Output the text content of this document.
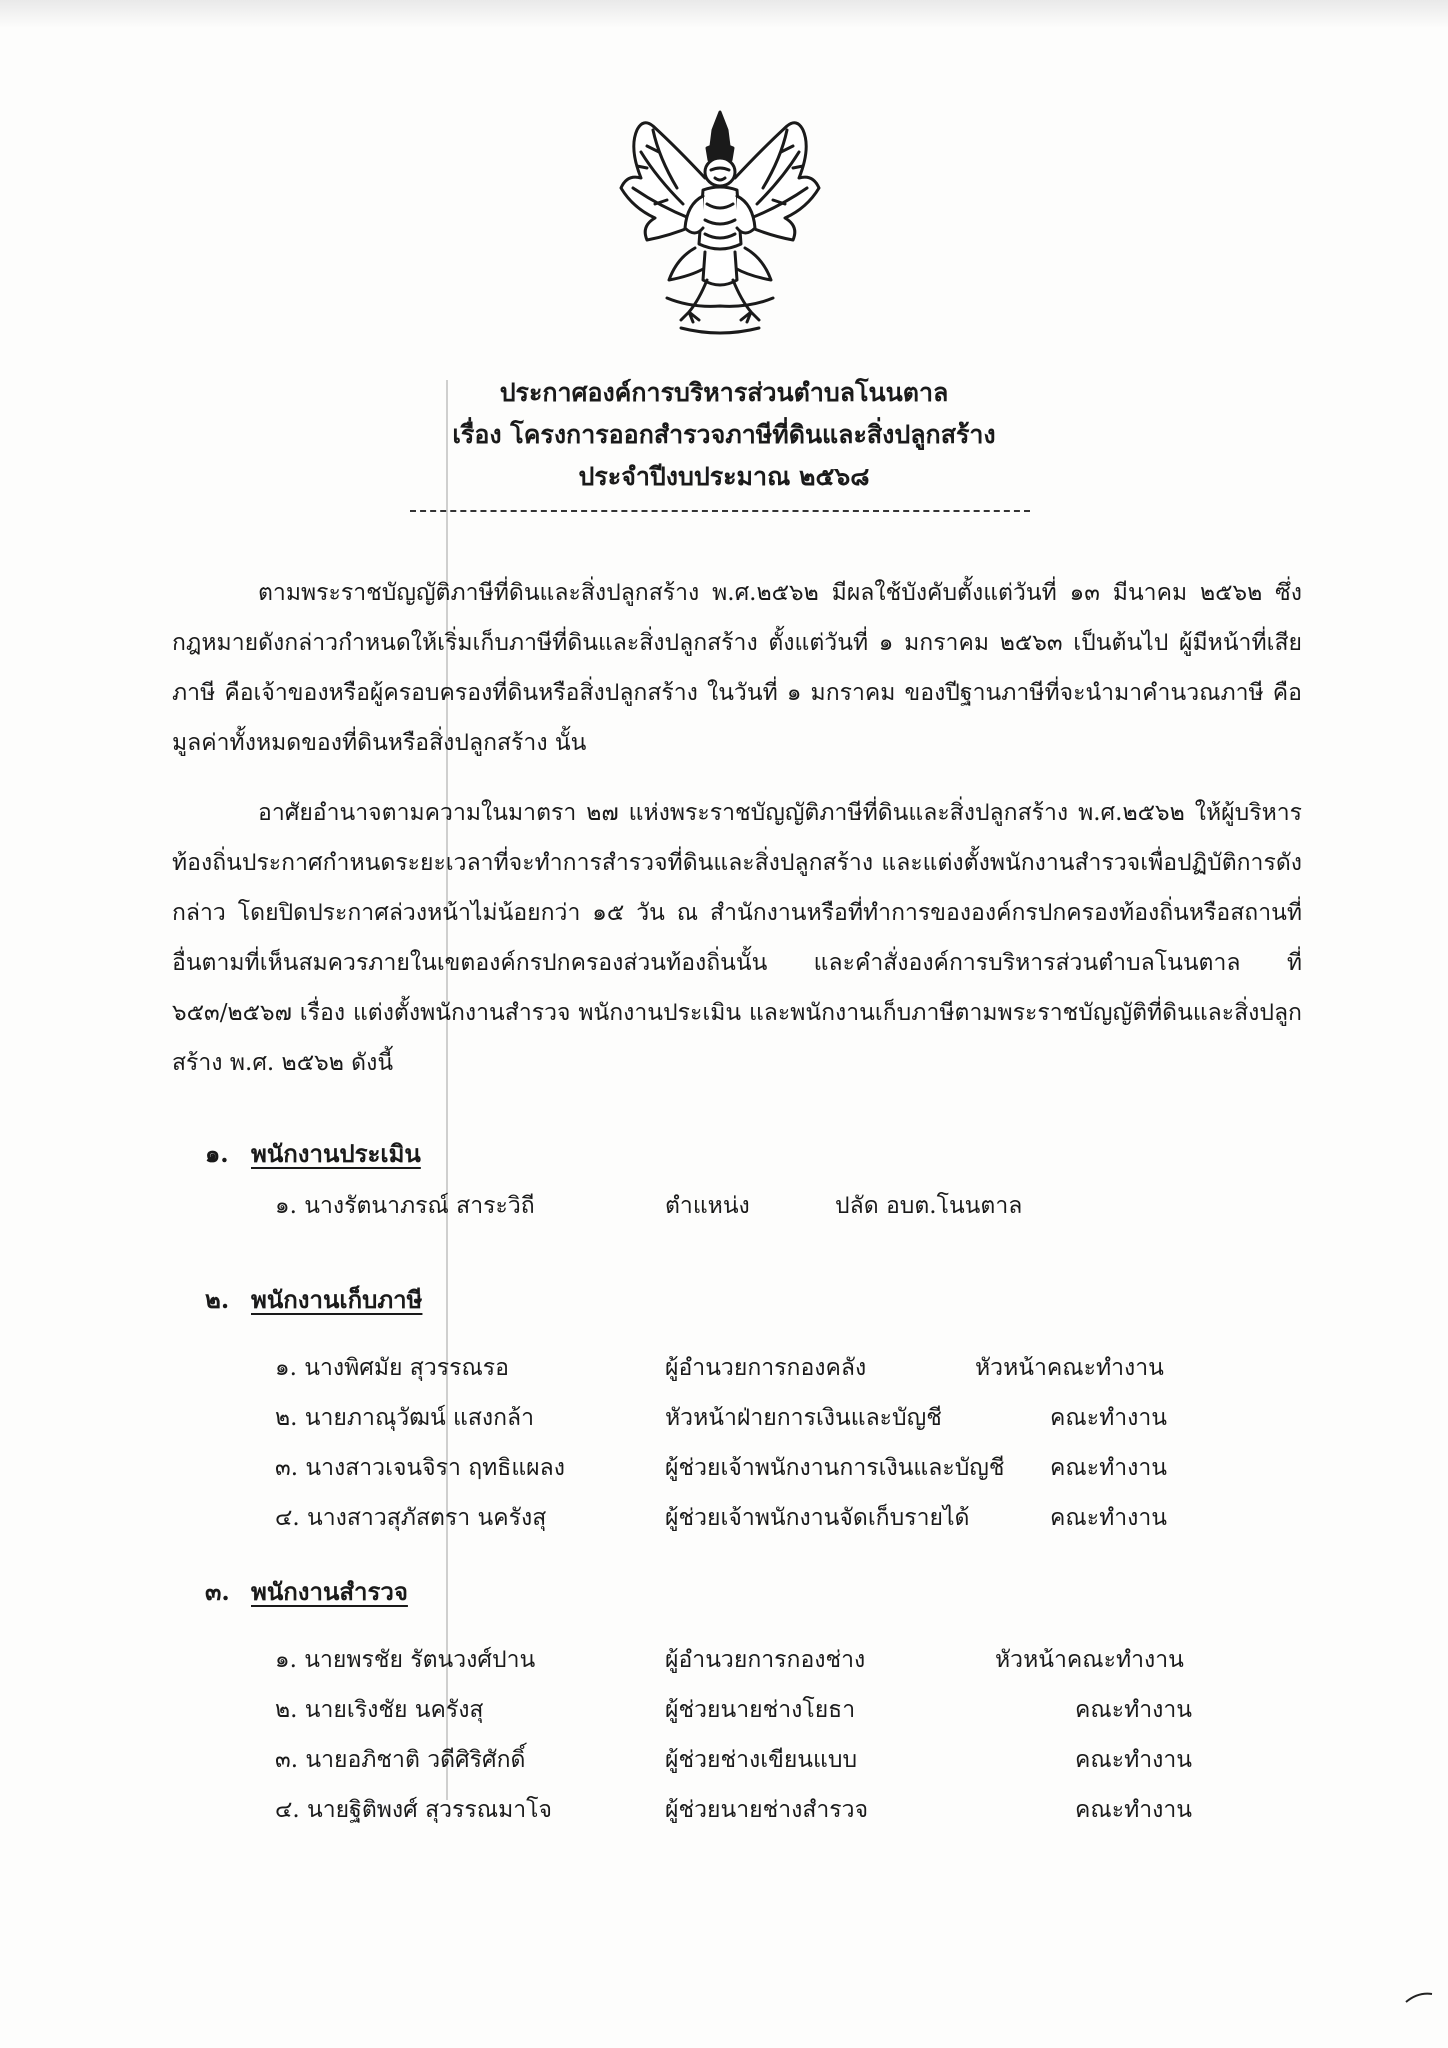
ประกาศองค์การบริหารส่วนตำบลโนนตาล
เรื่อง โครงการออกสำรวจภาษีที่ดินและสิ่งปลูกสร้าง
ประจำปีงบประมาณ ๒๕๖๘

ตามพระราชบัญญัติภาษีที่ดินและสิ่งปลูกสร้าง พ.ศ.๒๕๖๒ มีผลใช้บังคับตั้งแต่วันที่ ๑๓ มีนาคม ๒๕๖๒ ซึ่งกฎหมายดังกล่าวกำหนดให้เริ่มเก็บภาษีที่ดินและสิ่งปลูกสร้าง ตั้งแต่วันที่ ๑ มกราคม ๒๕๖๓ เป็นต้นไป ผู้มีหน้าที่เสียภาษี คือเจ้าของหรือผู้ครอบครองที่ดินหรือสิ่งปลูกสร้าง ในวันที่ ๑ มกราคม ของปีฐานภาษีที่จะนำมาคำนวณภาษี คือมูลค่าทั้งหมดของที่ดินหรือสิ่งปลูกสร้าง นั้น

อาศัยอำนาจตามความในมาตรา ๒๗ แห่งพระราชบัญญัติภาษีที่ดินและสิ่งปลูกสร้าง พ.ศ.๒๕๖๒ ให้ผู้บริหารท้องถิ่นประกาศกำหนดระยะเวลาที่จะทำการสำรวจที่ดินและสิ่งปลูกสร้าง และแต่งตั้งพนักงานสำรวจเพื่อปฏิบัติการดังกล่าว โดยปิดประกาศล่วงหน้าไม่น้อยกว่า ๑๕ วัน ณ สำนักงานหรือที่ทำการขององค์กรปกครองท้องถิ่นหรือสถานที่อื่นตามที่เห็นสมควรภายในเขตองค์กรปกครองส่วนท้องถิ่นนั้น และคำสั่งองค์การบริหารส่วนตำบลโนนตาล ที่ ๖๕๓/๒๕๖๗ เรื่อง แต่งตั้งพนักงานสำรวจ พนักงานประเมิน และพนักงานเก็บภาษีตามพระราชบัญญัติที่ดินและสิ่งปลูกสร้าง พ.ศ. ๒๕๖๒ ดังนี้

๑. พนักงานประเมิน
๑. นางรัตนาภรณ์ สาระวิถี	ตำแหน่ง	ปลัด อบต.โนนตาล
๒. พนักงานเก็บภาษี
๑. นางพิศมัย สุวรรณรอ	ผู้อำนวยการกองคลัง	หัวหน้าคณะทำงาน
๒. นายภาณุวัฒน์ แสงกล้า	หัวหน้าฝ่ายการเงินและบัญชี	คณะทำงาน
๓. นางสาวเจนจิรา ฤทธิแผลง	ผู้ช่วยเจ้าพนักงานการเงินและบัญชี คณะทำงาน
๔. นางสาวสุภัสตรา นครังสุ	ผู้ช่วยเจ้าพนักงานจัดเก็บรายได้	คณะทำงาน
๓. พนักงานสำรวจ
๑. นายพรชัย รัตนวงศ์ปาน	ผู้อำนวยการกองช่าง	หัวหน้าคณะทำงาน
๒. นายเริงชัย นครังสุ	ผู้ช่วยนายช่างโยธา	คณะทำงาน
๓. นายอภิชาติ วดีศิริศักดิ์	ผู้ช่วยช่างเขียนแบบ	คณะทำงาน
๔. นายฐิติพงศ์ สุวรรณมาโจ	ผู้ช่วยนายช่างสำรวจ	คณะทำงาน
